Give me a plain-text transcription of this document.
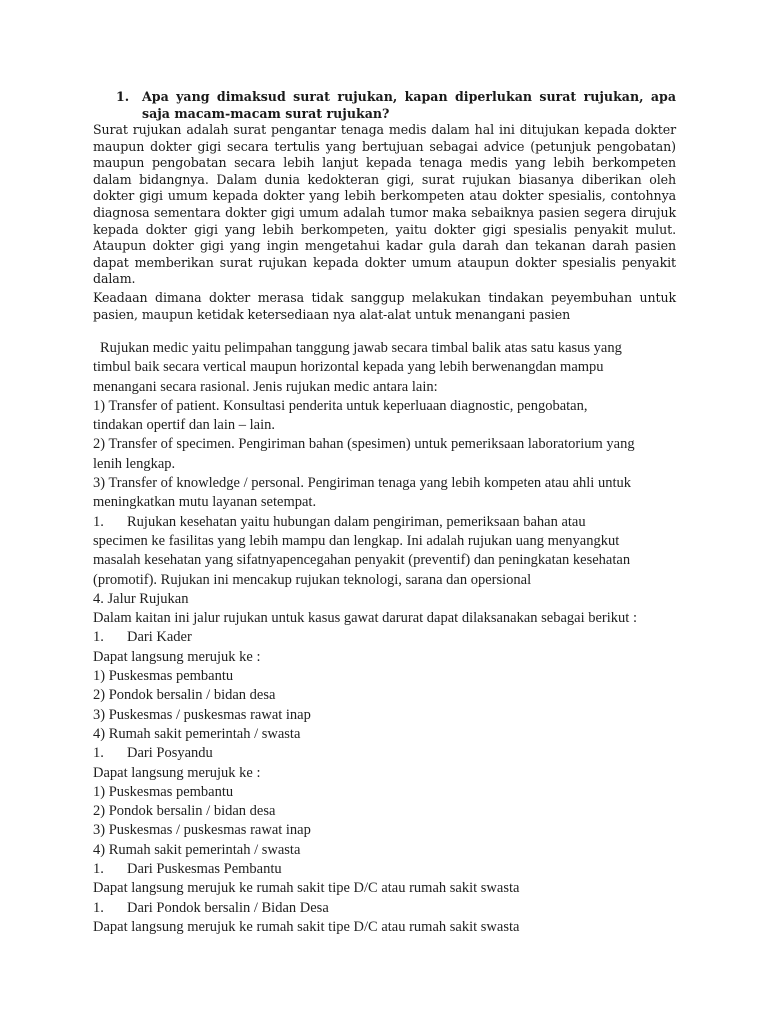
1.	Apa yang dimaksud surat rujukan, kapan diperlukan surat rujukan, apa saja macam-macam surat rujukan?
Surat rujukan adalah surat pengantar tenaga medis dalam hal ini ditujukan kepada dokter maupun dokter gigi secara tertulis yang bertujuan sebagai advice (petunjuk pengobatan) maupun pengobatan secara lebih lanjut kepada tenaga medis yang lebih berkompeten dalam bidangnya. Dalam dunia kedokteran gigi, surat rujukan biasanya diberikan oleh dokter gigi umum kepada dokter yang lebih berkompeten atau dokter spesialis, contohnya diagnosa sementara dokter gigi umum adalah tumor maka sebaiknya pasien segera dirujuk kepada dokter gigi yang lebih berkompeten, yaitu dokter gigi spesialis penyakit mulut. Ataupun dokter gigi yang ingin mengetahui kadar gula darah dan tekanan darah pasien dapat memberikan surat rujukan kepada dokter umum ataupun dokter spesialis penyakit dalam.
Keadaan dimana dokter merasa tidak sanggup melakukan tindakan peyembuhan untuk pasien, maupun ketidak ketersediaan nya alat-alat untuk menangani pasien
Rujukan medic yaitu pelimpahan tanggung jawab secara timbal balik atas satu kasus yang
timbul baik secara vertical maupun horizontal kepada yang lebih berwenangdan mampu
menangani secara rasional. Jenis rujukan medic antara lain:
1) Transfer of patient. Konsultasi penderita untuk keperluaan diagnostic, pengobatan,
tindakan opertif dan lain – lain.
2) Transfer of specimen. Pengiriman bahan (spesimen) untuk pemeriksaan laboratorium yang
lenih lengkap.
3) Transfer of knowledge / personal. Pengiriman tenaga yang lebih kompeten atau ahli untuk
meningkatkan mutu layanan setempat.
1. Rujukan kesehatan yaitu hubungan dalam pengiriman, pemeriksaan bahan atau
specimen ke fasilitas yang lebih mampu dan lengkap. Ini adalah rujukan uang menyangkut
masalah kesehatan yang sifatnyapencegahan penyakit (preventif) dan peningkatan kesehatan
(promotif). Rujukan ini mencakup rujukan teknologi, sarana dan opersional
4. Jalur Rujukan
Dalam kaitan ini jalur rujukan untuk kasus gawat darurat dapat dilaksanakan sebagai berikut :
1. Dari Kader
Dapat langsung merujuk ke :
1) Puskesmas pembantu
2) Pondok bersalin / bidan desa
3) Puskesmas / puskesmas rawat inap
4) Rumah sakit pemerintah / swasta
1. Dari Posyandu
Dapat langsung merujuk ke :
1) Puskesmas pembantu
2) Pondok bersalin / bidan desa
3) Puskesmas / puskesmas rawat inap
4) Rumah sakit pemerintah / swasta
1. Dari Puskesmas Pembantu
Dapat langsung merujuk ke rumah sakit tipe D/C atau rumah sakit swasta
1. Dari Pondok bersalin / Bidan Desa
Dapat langsung merujuk ke rumah sakit tipe D/C atau rumah sakit swasta
